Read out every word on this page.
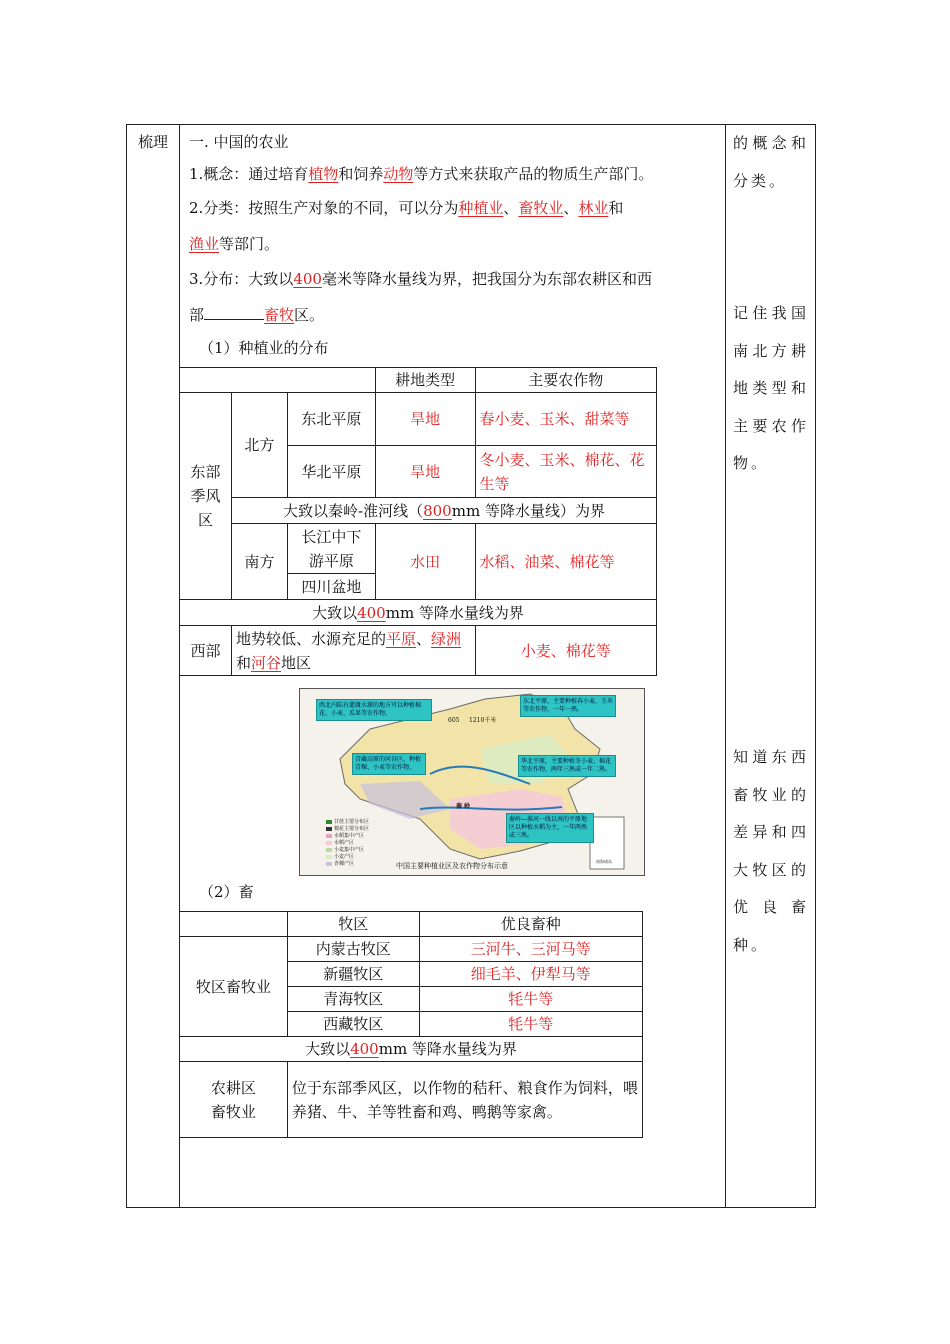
梳理	的概念和分类。

记住我国南北方耕地类型和主要农作物。

知道东西畜牧业的差异和四大牧区的优良畜种。

一. 中国的农业
1.概念：通过培育植物和饲养动物等方式来获取产品的物质生产部门。
2.分类：按照生产对象的不同，可以分为种植业、畜牧业、林业和
渔业等部门。
3.分布：大致以400毫米等降水量线为界，把我国分为东部农耕区和西
部	畜牧区。
（1）种植业的分布
			耕地类型	主要农作物
东部季风区	北方	东北平原	旱地	春小麦、玉米、甜菜等
		华北平原	旱地	冬小麦、玉米、棉花、花生等
	大致以秦岭-淮河线（800mm 等降水量线）为界			
	南方	长江中下游平原	水田	水稻、油菜、棉花等
		四川盆地		

大致以400mm 等降水量线为界				
西部	地势较低、水源充足的平原、绿洲和河谷地区			小麦、棉花等
西北内陆有灌溉水源的地方可以种植棉花、小麦、瓜果等农作物。
东北平原，主要种植春小麦、玉米等农作物，一年一熟。
青藏高原的河谷区，种植青稞、小麦等农作物。
华北平原，主要种植冬小麦、棉花等农作物，两年三熟或一年二熟。
秦岭—淮河一线以南的平原地区以种植水稻为主，一年两熟或三熟。
605 1210千米
秦 岭
南海诸岛
甘蔗主要分布区
棉花主要分布区
水稻集中产区
水稻产区
小麦集中产区
小麦产区
青稞产区	中国主要种植业区及农作物分布示意
（2）畜
	牧区	优良畜种
牧区畜牧业	内蒙古牧区	三河牛、三河马等
	新疆牧区	细毛羊、伊犁马等
	青海牧区	牦牛等
	西藏牧区	牦牛等
大致以400mm 等降水量线为界		
农耕区畜牧业	位于东部季风区，以作物的秸秆、粮食作为饲料，喂养猪、牛、羊等牲畜和鸡、鸭鹅等家禽。	
